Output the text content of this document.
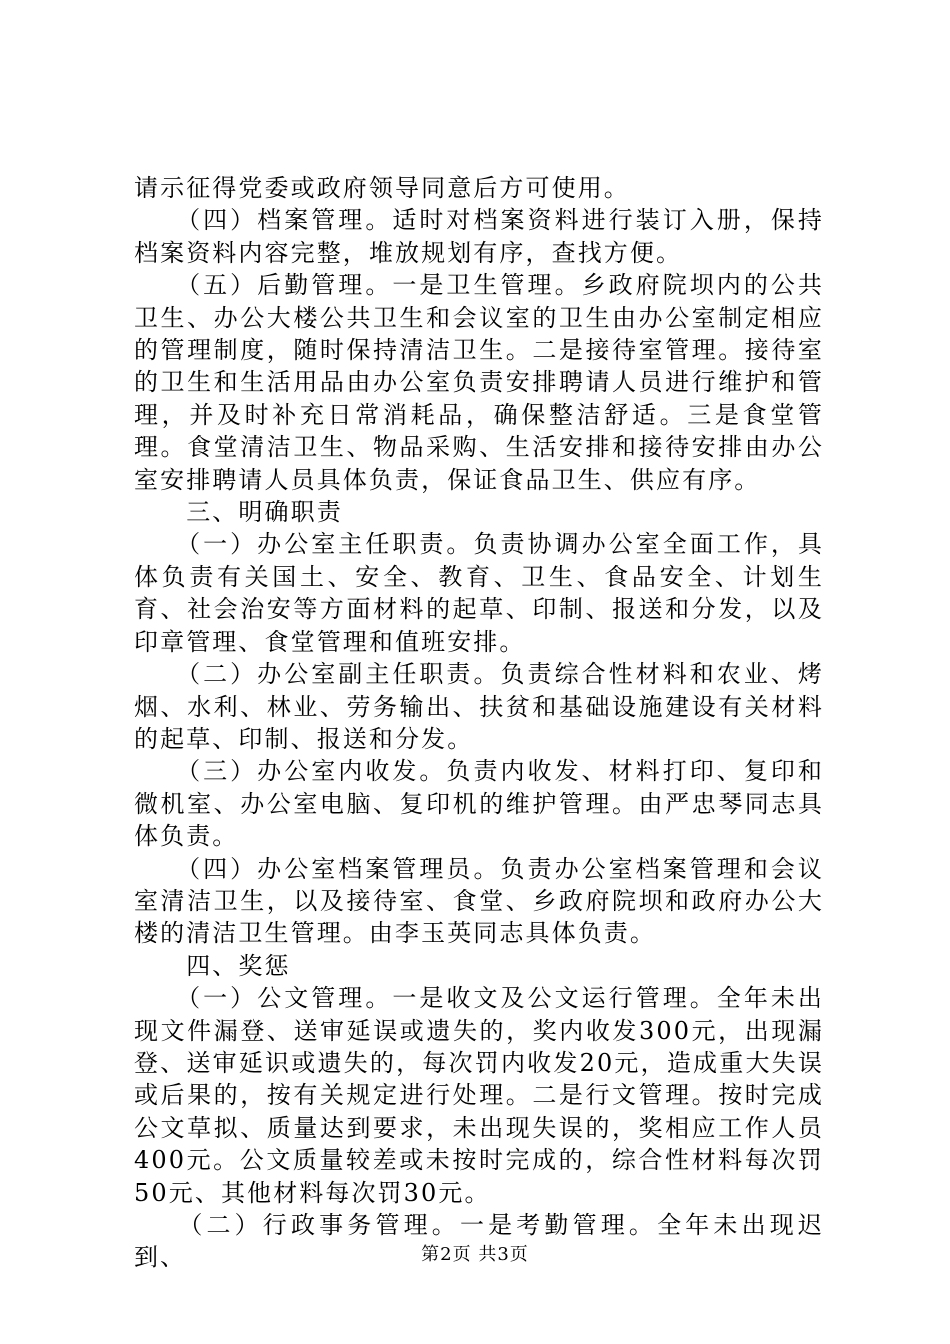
请示征得党委或政府领导同意后方可使用。

　　（四）档案管理。适时对档案资料进行装订入册，保持档案资料内容完整，堆放规划有序，查找方便。

　　（五）后勤管理。一是卫生管理。乡政府院坝内的公共卫生、办公大楼公共卫生和会议室的卫生由办公室制定相应的管理制度，随时保持清洁卫生。二是接待室管理。接待室的卫生和生活用品由办公室负责安排聘请人员进行维护和管理，并及时补充日常消耗品，确保整洁舒适。三是食堂管理。食堂清洁卫生、物品采购、生活安排和接待安排由办公室安排聘请人员具体负责，保证食品卫生、供应有序。

　　三、明确职责

　　（一）办公室主任职责。负责协调办公室全面工作，具体负责有关国土、安全、教育、卫生、食品安全、计划生育、社会治安等方面材料的起草、印制、报送和分发，以及印章管理、食堂管理和值班安排。

　　（二）办公室副主任职责。负责综合性材料和农业、烤烟、水利、林业、劳务输出、扶贫和基础设施建设有关材料的起草、印制、报送和分发。

　　（三）办公室内收发。负责内收发、材料打印、复印和微机室、办公室电脑、复印机的维护管理。由严忠琴同志具体负责。

　　（四）办公室档案管理员。负责办公室档案管理和会议室清洁卫生，以及接待室、食堂、乡政府院坝和政府办公大楼的清洁卫生管理。由李玉英同志具体负责。

　　四、奖惩

　　（一）公文管理。一是收文及公文运行管理。全年未出现文件漏登、送审延误或遗失的，奖内收发300元，出现漏登、送审延识或遗失的，每次罚内收发20元，造成重大失误或后果的，按有关规定进行处理。二是行文管理。按时完成公文草拟、质量达到要求，未出现失误的，奖相应工作人员400元。公文质量较差或未按时完成的，综合性材料每次罚50元、其他材料每次罚30元。

　　（二）行政事务管理。一是考勤管理。全年未出现迟到、	第2页 共3页
